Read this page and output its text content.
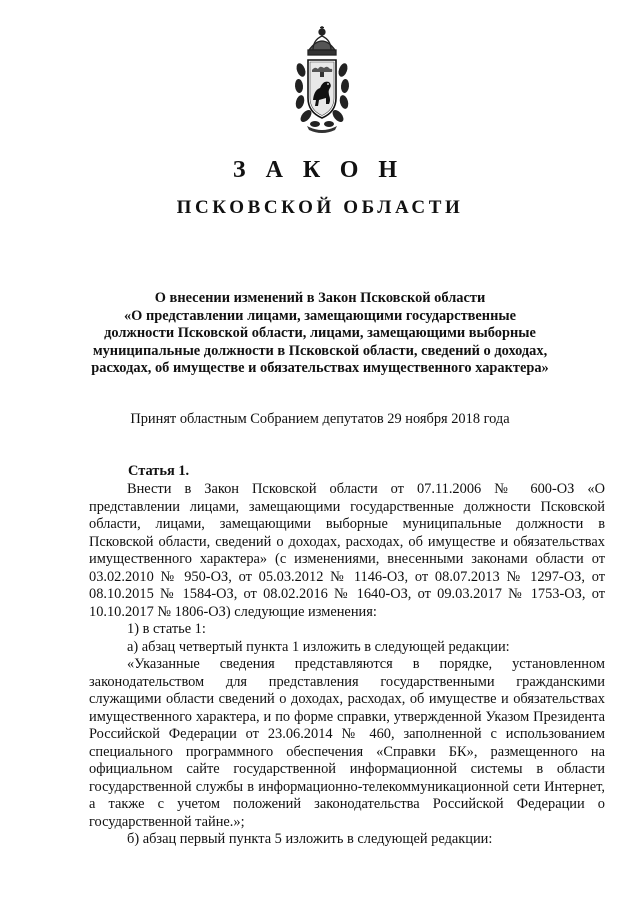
ЗАКОН
ПСКОВСКОЙ ОБЛАСТИ
О внесении изменений в Закон Псковской области
«О представлении лицами, замещающими государственные должности Псковской области, лицами, замещающими выборные муниципальные должности в Псковской области, сведений о доходах, расходах, об имуществе и обязательствах имущественного характера»
Принят областным Собранием депутатов 29 ноября 2018 года
Статья 1.

Внести в Закон Псковской области от 07.11.2006 № 600-ОЗ «О представлении лицами, замещающими государственные должности Псковской области, лицами, замещающими выборные муниципальные должности в Псковской области, сведений о доходах, расходах, об имуществе и обязательствах имущественного характера» (с изменениями, внесенными законами области от 03.02.2010 № 950-ОЗ, от 05.03.2012 № 1146-ОЗ, от 08.07.2013 № 1297-ОЗ, от 08.10.2015 № 1584-ОЗ, от 08.02.2016 № 1640-ОЗ, от 09.03.2017 № 1753-ОЗ, от 10.10.2017 № 1806-ОЗ) следующие изменения:

1) в статье 1:

а) абзац четвертый пункта 1 изложить в следующей редакции:

«Указанные сведения представляются в порядке, установленном законодательством для представления государственными гражданскими служащими области сведений о доходах, расходах, об имуществе и обязательствах имущественного характера, и по форме справки, утвержденной Указом Президента Российской Федерации от 23.06.2014 № 460, заполненной с использованием специального программного обеспечения «Справки БК», размещенного на официальном сайте государственной информационной системы в области государственной службы в информационно-телекоммуникационной сети Интернет, а также с учетом положений законодательства Российской Федерации о государственной тайне.»;

б) абзац первый пункта 5 изложить в следующей редакции:
